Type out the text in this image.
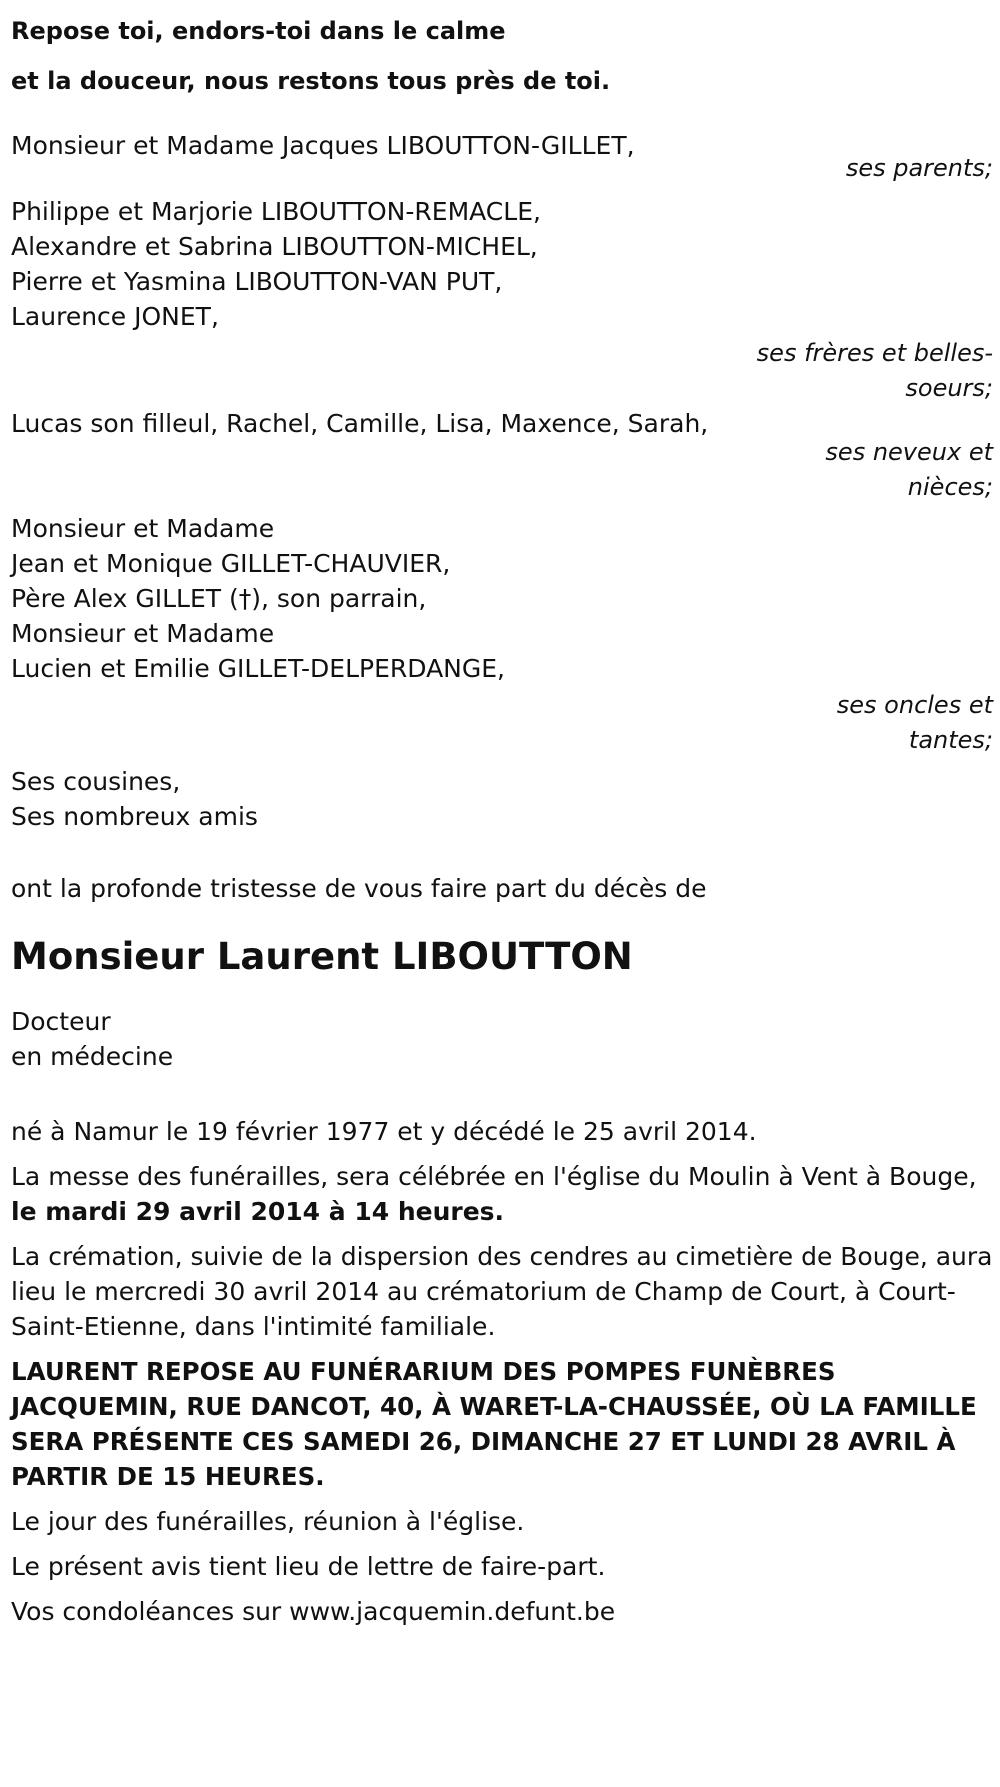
Repose toi, endors-toi dans le calme
et la douceur, nous restons tous près de toi.
Monsieur et Madame Jacques LIBOUTTON-GILLET,
ses parents;
Philippe et Marjorie LIBOUTTON-REMACLE,
Alexandre et Sabrina LIBOUTTON-MICHEL,
Pierre et Yasmina LIBOUTTON-VAN PUT,
Laurence JONET,
ses frères et belles-soeurs;
Lucas son filleul, Rachel, Camille, Lisa, Maxence, Sarah,
ses neveux et nièces;
Monsieur et Madame
Jean et Monique GILLET-CHAUVIER,
Père Alex GILLET (†), son parrain,
Monsieur et Madame
Lucien et Emilie GILLET-DELPERDANGE,
ses oncles et tantes;
Ses cousines,
Ses nombreux amis
ont la profonde tristesse de vous faire part du décès de
Monsieur Laurent LIBOUTTON
Docteur
en médecine
né à Namur le 19 février 1977 et y décédé le 25 avril 2014.
La messe des funérailles, sera célébrée en l'église du Moulin à Vent à Bouge, le mardi 29 avril 2014 à 14 heures.
La crémation, suivie de la dispersion des cendres au cimetière de Bouge, aura lieu le mercredi 30 avril 2014 au crématorium de Champ de Court, à Court-Saint-Etienne, dans l'intimité familiale.
LAURENT REPOSE AU FUNÉRARIUM DES POMPES FUNÈBRES JACQUEMIN, RUE DANCOT, 40, À WARET-LA-CHAUSSÉE, OÙ LA FAMILLE SERA PRÉSENTE CES SAMEDI 26, DIMANCHE 27 ET LUNDI 28 AVRIL À PARTIR DE 15 HEURES.
Le jour des funérailles, réunion à l'église.
Le présent avis tient lieu de lettre de faire-part.
Vos condoléances sur www.jacquemin.defunt.be
